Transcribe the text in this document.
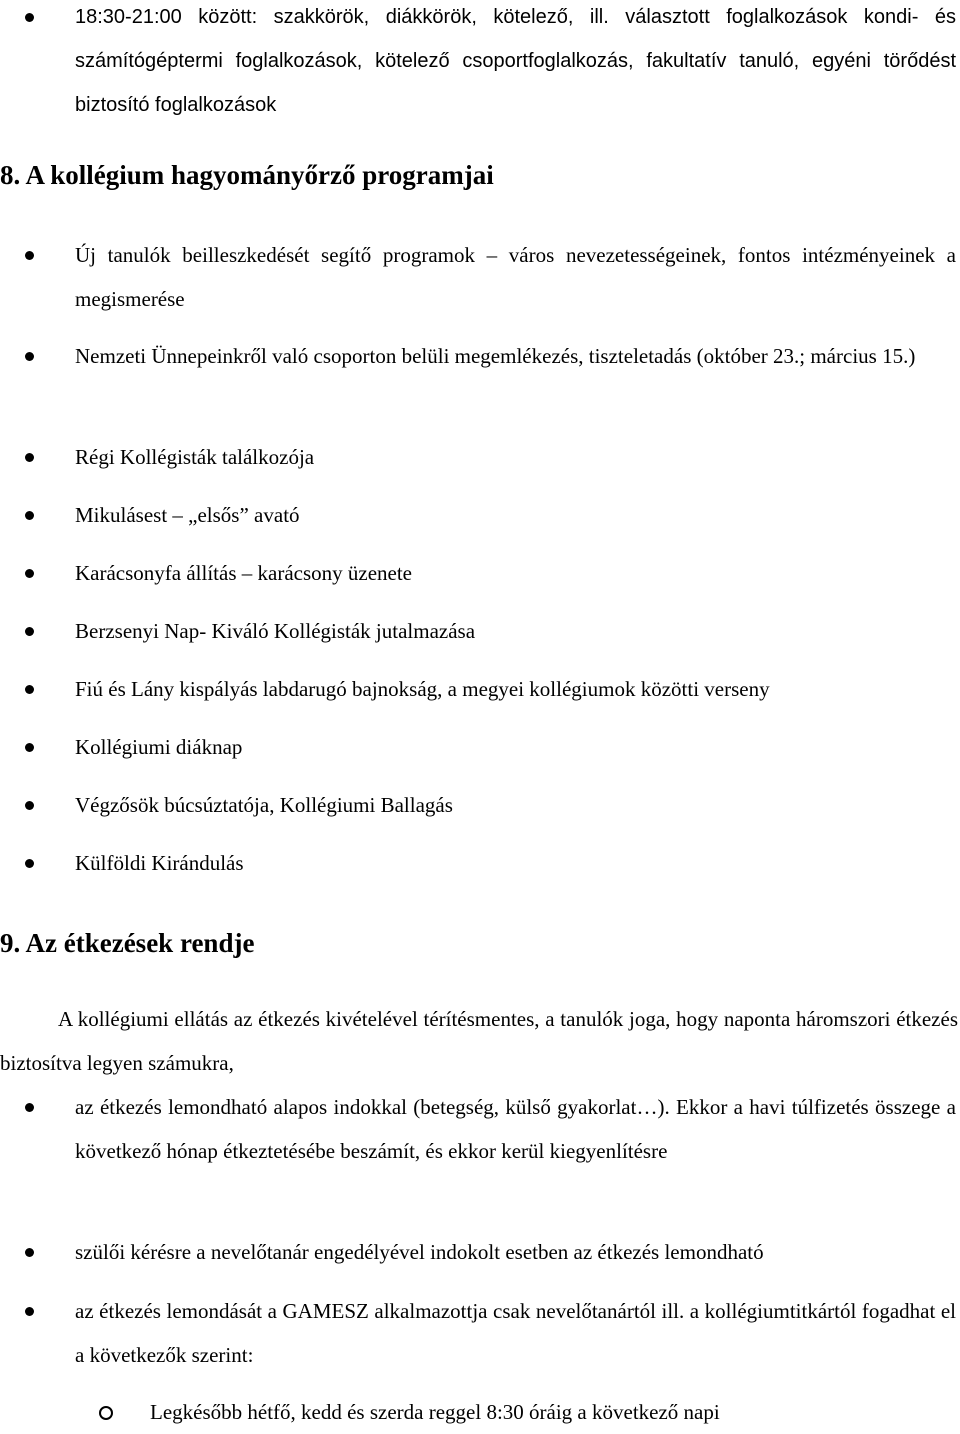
18:30-21:00 között: szakkörök, diákkörök, kötelező, ill. választott foglalkozások kondi- és számítógéptermi foglalkozások, kötelező csoportfoglalkozás, fakultatív tanuló, egyéni törődést biztosító foglalkozások

8. A kollégium hagyományőrző programjai

Új tanulók beilleszkedését segítő programok – város nevezetességeinek, fontos intézményeinek a megismerése

Nemzeti Ünnepeinkről való csoporton belüli megemlékezés, tiszteletadás (október 23.; március 15.)

Régi Kollégisták találkozója

Mikulásest – „elsős” avató

Karácsonyfa állítás – karácsony üzenete

Berzsenyi Nap- Kiváló Kollégisták jutalmazása

Fiú és Lány kispályás labdarugó bajnokság, a megyei kollégiumok közötti verseny

Kollégiumi diáknap

Végzősök búcsúztatója, Kollégiumi Ballagás

Külföldi Kirándulás

9. Az étkezések rendje

A kollégiumi ellátás az étkezés kivételével térítésmentes, a tanulók joga, hogy naponta háromszori étkezés biztosítva legyen számukra,

az étkezés lemondható alapos indokkal (betegség, külső gyakorlat…). Ekkor a havi túlfizetés összege a következő hónap étkeztetésébe beszámít, és ekkor kerül kiegyenlítésre

szülői kérésre a nevelőtanár engedélyével indokolt esetben az étkezés lemondható

az étkezés lemondását a GAMESZ alkalmazottja csak nevelőtanártól ill. a kollégiumtitkártól fogadhat el a következők szerint:

Legkésőbb hétfő, kedd és szerda reggel 8:30 óráig a következő napi
